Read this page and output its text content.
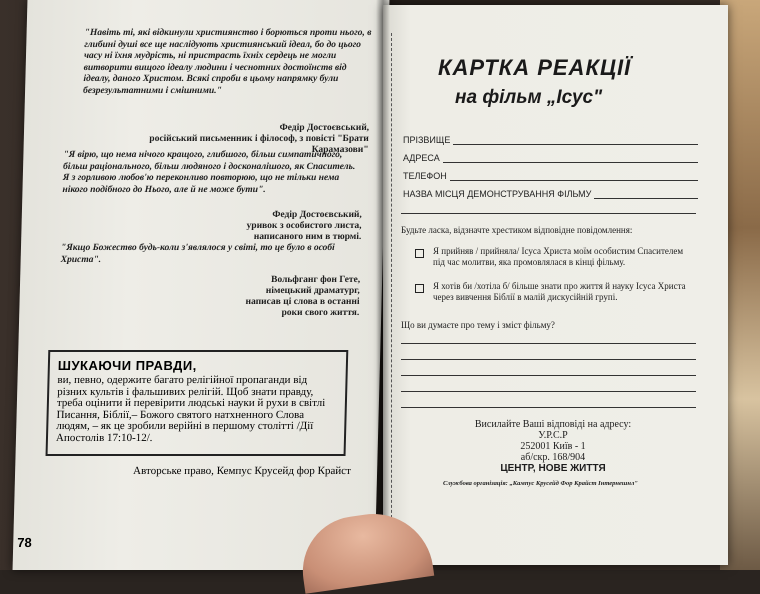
"Навіть ті, які відкинули християнство і борються проти нього, в глибині душі все ще наслідують християнський ідеал, бо до цього часу ні їхня мудрість, ні пристрасть їхніх сердець не могли витворити вищого ідеалу людини і чеснотних достоїнств від ідеалу, даного Христом. Всякі спроби в цьому напрямку були безрезультатними і смішними."
Федір Достоєвський,
російський письменник і філософ, з повісті "Брати Карамазови"
"Я вірю, що нема нічого кращого, глибшого, більш симпатичного, більш раціонального, більш людяного і досконалішого, як Спаситель. Я з горливою любов'ю переконливо повторюю, що не тільки нема нікого подібного до Нього, але й не може бути".
Федір Достоєвський,
уривок з особистого листа,
написаного ним в тюрмі.
"Якщо Божество будь-коли з'являлося у світі, то це було в особі Христа".
Вольфганг фон Гете,
німецький драматург,
написав ці слова в останні
роки свого життя.
ШУКАЮЧИ ПРАВДИ,
ви, певно, одержите багато релігійної пропаганди від різних культів і фальшивих релігій. Щоб знати правду, треба оцінити й перевірити людські науки й рухи в світлі Писання, Біблії,– Божого святого натхненного Слова людям, – як це зробили верійні в першому столітті /Дії Апостолів 17:10-12/.
Авторське право, Кемпус Крусейд фор Крайст
78
КАРТКА РЕАКЦІЇ
на фільм „Ісус"
ПРІЗВИЩЕ
АДРЕСА
ТЕЛЕФОН
НАЗВА МІСЦЯ ДЕМОНСТРУВАННЯ ФІЛЬМУ
Будьте ласка, відзначте хрестиком відповідне повідомлення:
Я прийняв / прийняла/ Ісуса Христа моїм особистим Спасителем під час молитви, яка промовлялася в кінці фільму.
Я хотів би /хотіла б/ більше знати про життя й науку Ісуса Христа через вивчення Біблії в малій дискусійній групі.
Що ви думаєте про тему і зміст фільму?
Висилайте Ваші відповіді на адресу:
У.Р.С.Р
252001 Київ - 1
аб/скр. 168/904
ЦЕНТР, НОВЕ ЖИТТЯ
Службова організація: „Кампус Крусейд Фор Крайст Інтернешнл"
